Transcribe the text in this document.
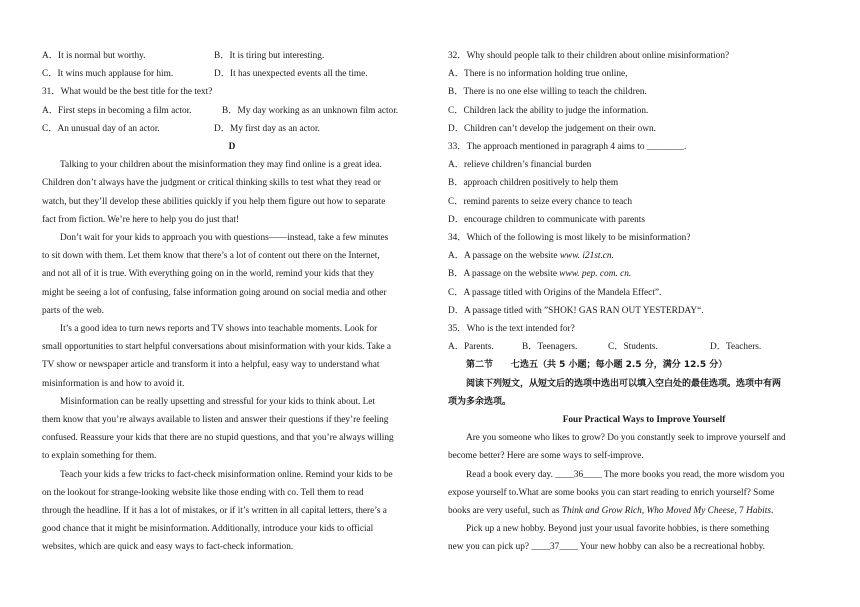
A．It is normal but worthy.	B．It is tiring but interesting.
C．It wins much applause for him.	D．It has unexpected events all the time.
31．What would be the best title for the text?
A．First steps in becoming a film actor.	B．My day working as an unknown film actor.
C．An unusual day of an actor.	D．My first day as an actor.
D
Talking to your children about the misinformation they may find online is a great idea.
Children don’t always have the judgment or critical thinking skills to test what they read or
watch, but they’ll develop these abilities quickly if you help them figure out how to separate
fact from fiction. We’re here to help you do just that!
Don’t wait for your kids to approach you with questions——instead, take a few minutes
to sit down with them. Let them know that there’s a lot of content out there on the Internet,
and not all of it is true. With everything going on in the world, remind your kids that they
might be seeing a lot of confusing, false information going around on social media and other
parts of the web.
It’s a good idea to turn news reports and TV shows into teachable moments. Look for
small opportunities to start helpful conversations about misinformation with your kids. Take a
TV show or newspaper article and transform it into a helpful, easy way to understand what
misinformation is and how to avoid it.
Misinformation can be really upsetting and stressful for your kids to think about. Let
them know that you’re always available to listen and answer their questions if they’re feeling
confused. Reassure your kids that there are no stupid questions, and that you’re always willing
to explain something for them.
Teach your kids a few tricks to fact-check misinformation online. Remind your kids to be
on the lookout for strange-looking website like those ending with co. Tell them to read
through the headline. If it has a lot of mistakes, or if it’s written in all capital letters, there’s a
good chance that it might be misinformation. Additionally, introduce your kids to official
websites, which are quick and easy ways to fact-check information.
32．Why should people talk to their children about online misinformation?
A．There is no information holding true online,
B．There is no one else willing to teach the children.
C．Children lack the ability to judge the information.
D．Children can’t develop the judgement on their own.
33．The approach mentioned in paragraph 4 aims to ________.
A．relieve children’s financial burden
B．approach children positively to help them
C．remind parents to seize every chance to teach
D．encourage children to communicate with parents
34．Which of the following is most likely to be misinformation?
A．A passage on the website www. i21st.cn.
B．A passage on the website www. pep. com. cn.
C．A passage titled with Origins of the Mandela Effect”.
D．A passage titled with ”SHOK! GAS RAN OUT YESTERDAY“.
35．Who is the text intended for?
A．Parents.	B．Teenagers.	C．Students.	D．Teachers.
第二节　　七选五（共 5 小题；每小题 2.5 分，满分 12.5 分）
阅读下列短文，从短文后的选项中选出可以填入空白处的最佳选项。选项中有两
项为多余选项。
Four Practical Ways to Improve Yourself
Are you someone who likes to grow? Do you constantly seek to improve yourself and
become better? Here are some ways to self-improve.
Read a book every day. ____36____ The more books you read, the more wisdom you
expose yourself to.What are some books you can start reading to enrich yourself? Some
books are very useful, such as Think and Grow Rich, Who Moved My Cheese, 7 Habits.
Pick up a new hobby. Beyond just your usual favorite hobbies, is there something
new you can pick up? ____37____ Your new hobby can also be a recreational hobby.
